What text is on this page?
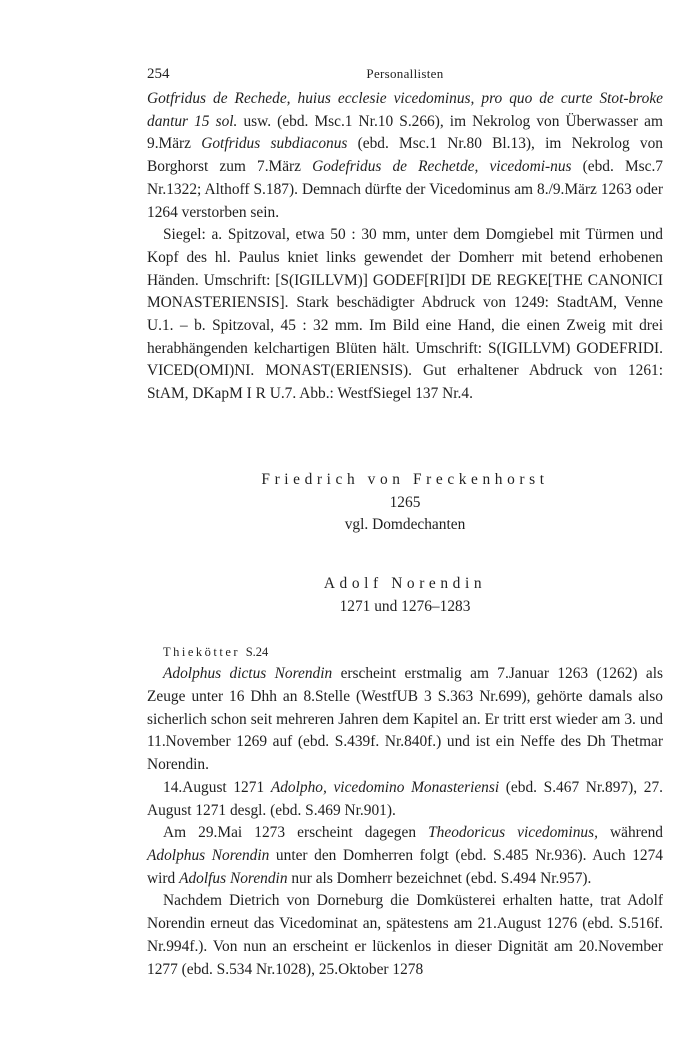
254	Personallisten

Gotfridus de Rechede, huius ecclesie vicedominus, pro quo de curte Stot-broke dantur 15 sol. usw. (ebd. Msc.1 Nr.10 S.266), im Nekrolog von Überwasser am 9.März Gotfridus subdiaconus (ebd. Msc.1 Nr.80 Bl.13), im Nekrolog von Borghorst zum 7.März Godefridus de Rechetde, vicedomi-nus (ebd. Msc.7 Nr.1322; Althoff S.187). Demnach dürfte der Vicedominus am 8./9.März 1263 oder 1264 verstorben sein.

Siegel: a. Spitzoval, etwa 50 : 30 mm, unter dem Domgiebel mit Türmen und Kopf des hl. Paulus kniet links gewendet der Domherr mit betend erhobenen Händen. Umschrift: [S(IGILLVM)] GODEF[RI]DI DE REGKE[THE CANONICI MONASTERIENSIS]. Stark beschädigter Abdruck von 1249: StadtAM, Venne U.1. – b. Spitzoval, 45 : 32 mm. Im Bild eine Hand, die einen Zweig mit drei herabhängenden kelchartigen Blüten hält. Umschrift: S(IGILLVM) GODEFRIDI. VICED(OMI)NI. MONAST(ERIENSIS). Gut erhaltener Abdruck von 1261: StAM, DKapM I R U.7. Abb.: WestfSiegel 137 Nr.4.

Friedrich von Freckenhorst
1265
vgl. Domdechanten
Adolf Norendin
1271 und 1276–1283
Thiekötter S.24

Adolphus dictus Norendin erscheint erstmalig am 7.Januar 1263 (1262) als Zeuge unter 16 Dhh an 8.Stelle (WestfUB 3 S.363 Nr.699), gehörte damals also sicherlich schon seit mehreren Jahren dem Kapitel an. Er tritt erst wieder am 3. und 11.November 1269 auf (ebd. S.439f. Nr.840f.) und ist ein Neffe des Dh Thetmar Norendin.

14.August 1271 Adolpho, vicedomino Monasteriensi (ebd. S.467 Nr.897), 27. August 1271 desgl. (ebd. S.469 Nr.901).

Am 29.Mai 1273 erscheint dagegen Theodoricus vicedominus, während Adolphus Norendin unter den Domherren folgt (ebd. S.485 Nr.936). Auch 1274 wird Adolfus Norendin nur als Domherr bezeichnet (ebd. S.494 Nr.957).

Nachdem Dietrich von Dorneburg die Domküsterei erhalten hatte, trat Adolf Norendin erneut das Vicedominat an, spätestens am 21.August 1276 (ebd. S.516f. Nr.994f.). Von nun an erscheint er lückenlos in dieser Dignität am 20.November 1277 (ebd. S.534 Nr.1028), 25.Oktober 1278
